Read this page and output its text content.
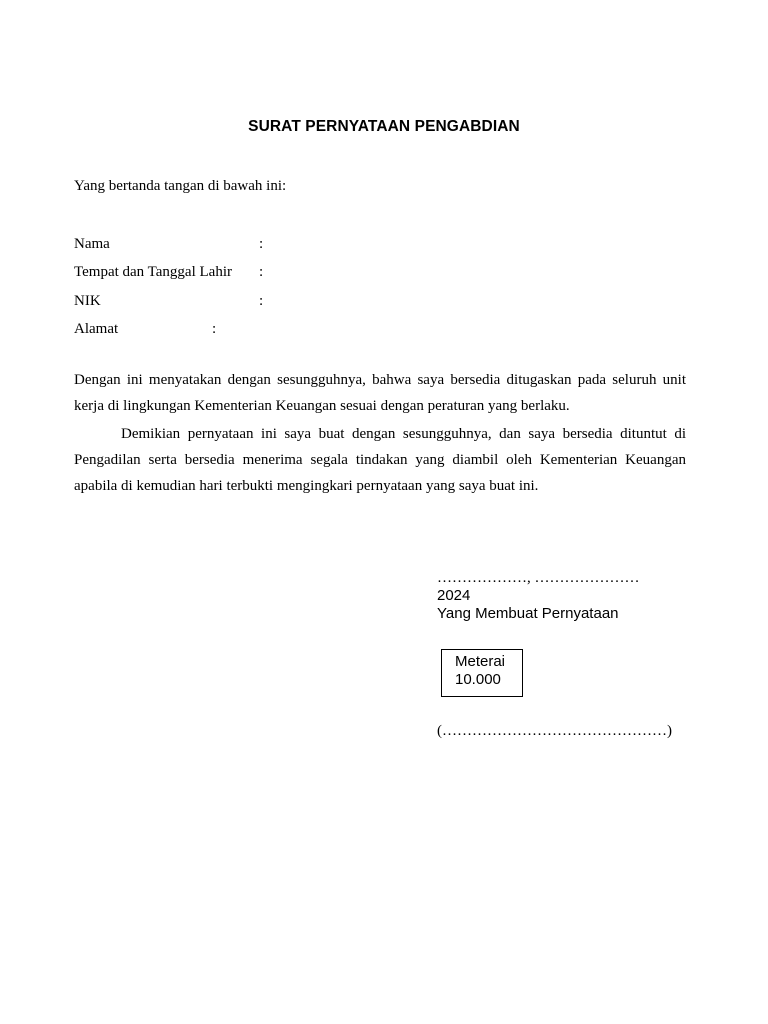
SURAT PERNYATAAN PENGABDIAN
Yang bertanda tangan di bawah ini:
Nama	:
Tempat dan Tanggal Lahir :
NIK	:
Alamat	:
Dengan ini menyatakan dengan sesungguhnya, bahwa saya bersedia ditugaskan pada seluruh unit
kerja di lingkungan Kementerian Keuangan sesuai dengan peraturan yang berlaku.
Demikian pernyataan ini saya buat dengan sesungguhnya, dan saya bersedia dituntut di
Pengadilan serta bersedia menerima segala tindakan yang diambil oleh Kementerian Keuangan
apabila di kemudian hari terbukti mengingkari pernyataan yang saya buat ini.
………………, …………………
2024
Yang Membuat Pernyataan
Meterai
10.000
(………………………………………)
